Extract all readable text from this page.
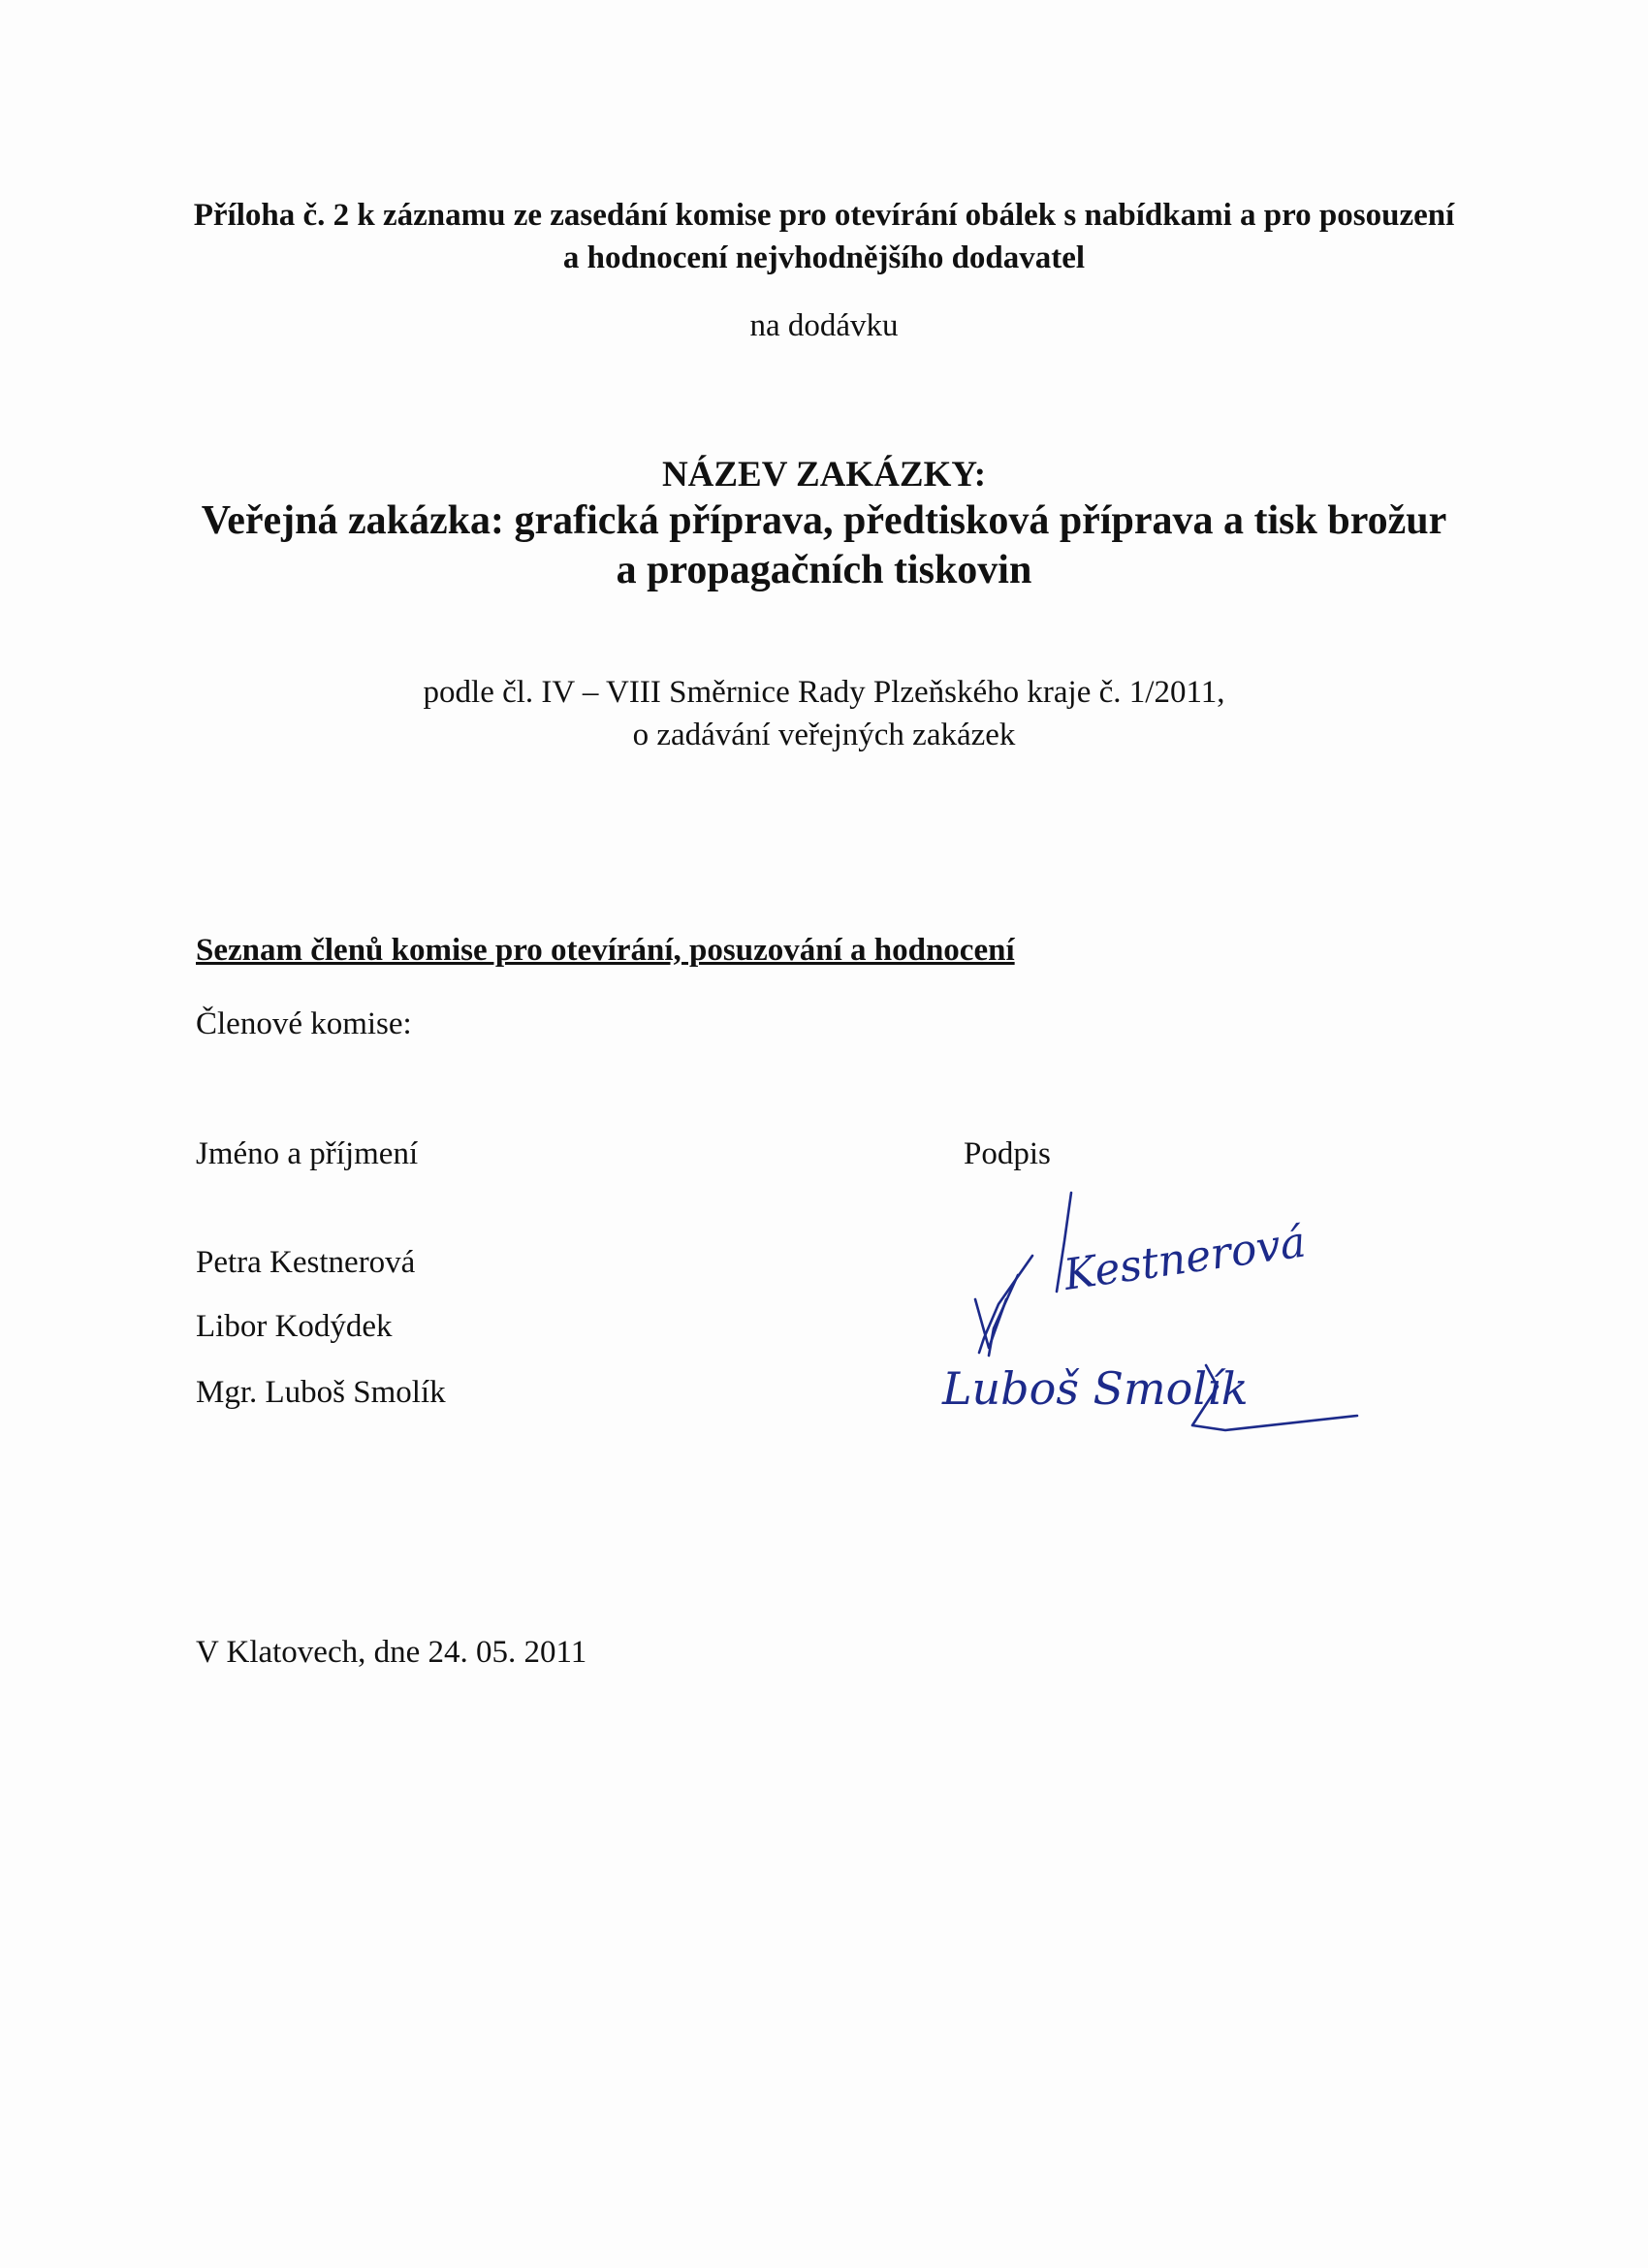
Příloha č. 2 k záznamu ze zasedání komise pro otevírání obálek s nabídkami a pro posouzení
a hodnocení nejvhodnějšího dodavatel
na dodávku
NÁZEV ZAKÁZKY:
Veřejná zakázka: grafická příprava, předtisková příprava a tisk brožur
a propagačních tiskovin
podle čl. IV – VIII Směrnice Rady Plzeňského kraje č. 1/2011,
o zadávání veřejných zakázek
Seznam členů komise pro otevírání, posuzování a hodnocení
Členové komise:
Jméno a příjmení	Podpis
Petra Kestnerová
Libor Kodýdek
Mgr. Luboš Smolík
Kestnerová
Luboš Smolík
V Klatovech, dne 24. 05. 2011
